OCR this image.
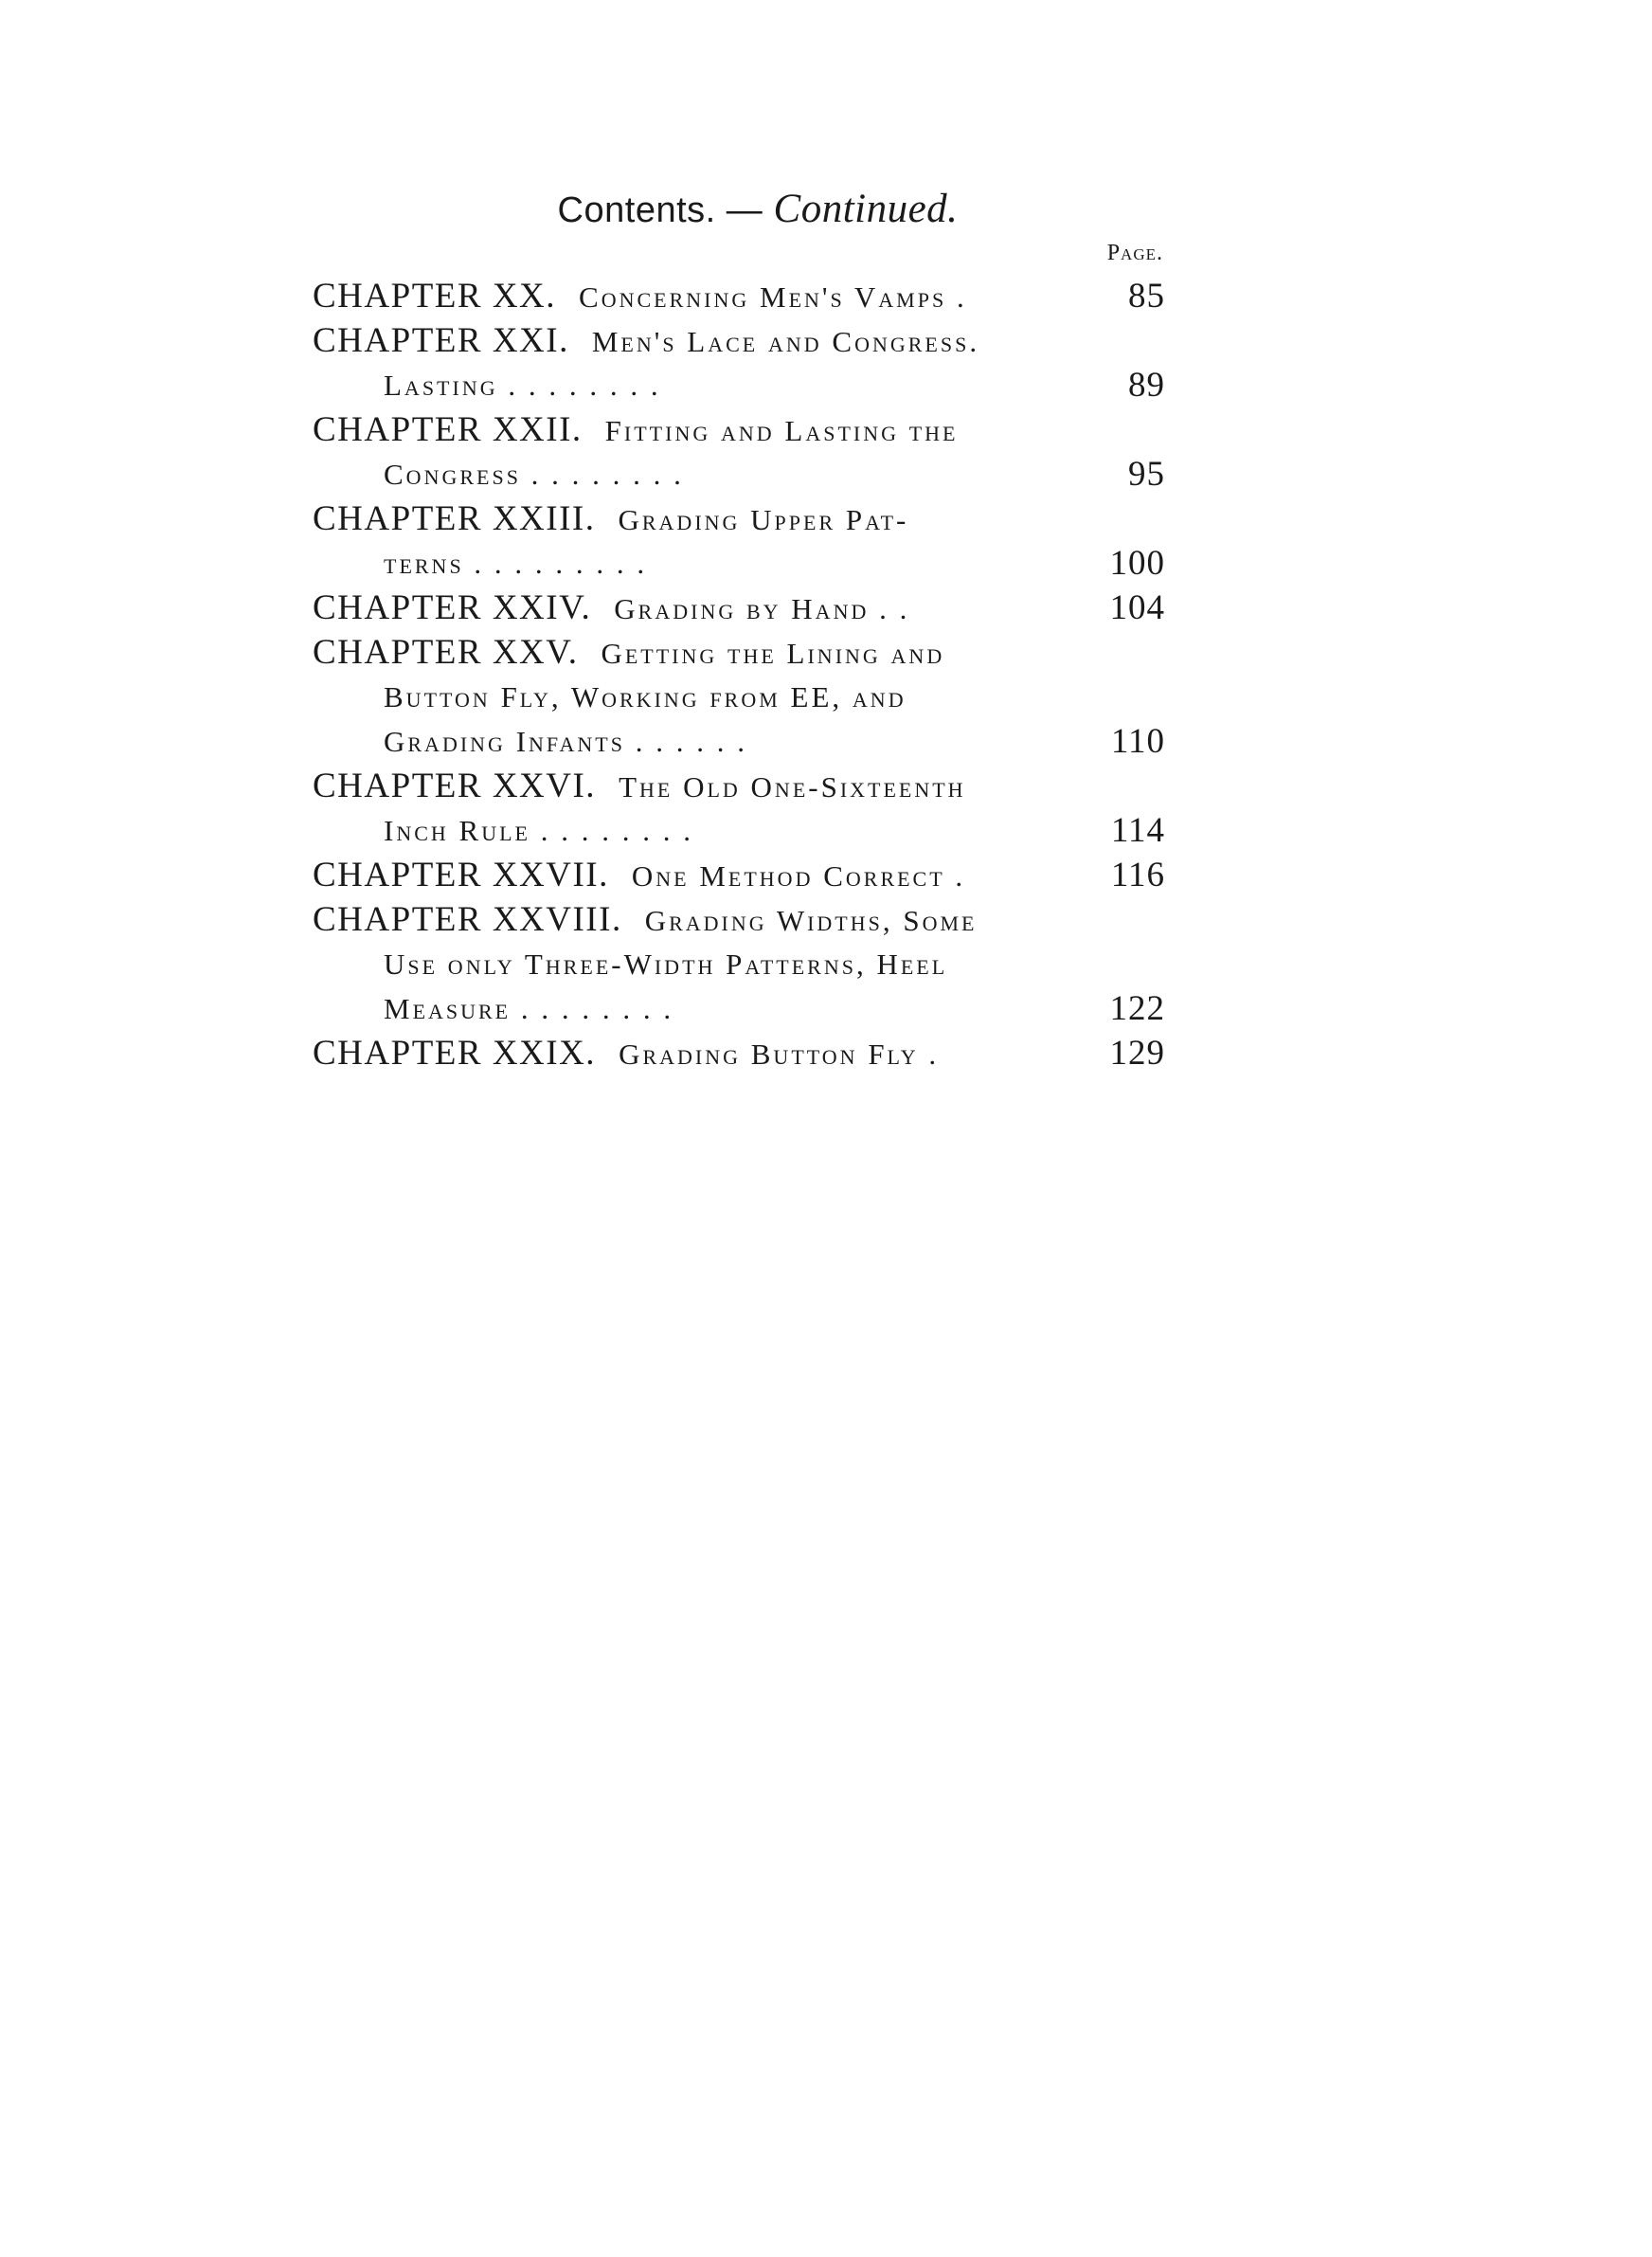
Contents. — Continued.
Page.
CHAPTER XX. Concerning Men's Vamps .	85
CHAPTER XXI. Men's Lace and Congress.
Lasting . . . . . . . .	89
CHAPTER XXII. Fitting and Lasting the
Congress . . . . . . . .	95
CHAPTER XXIII. Grading Upper Pat-
terns . . . . . . . . .	100
CHAPTER XXIV. Grading by Hand . .	104
CHAPTER XXV. Getting the Lining and
Button Fly, Working from EE, and
Grading Infants . . . . . .	110
CHAPTER XXVI. The Old One-Sixteenth
Inch Rule . . . . . . . .	114
CHAPTER XXVII. One Method Correct .	116
CHAPTER XXVIII. Grading Widths, Some
Use only Three-Width Patterns, Heel
Measure . . . . . . . .	122
CHAPTER XXIX. Grading Button Fly .	129
